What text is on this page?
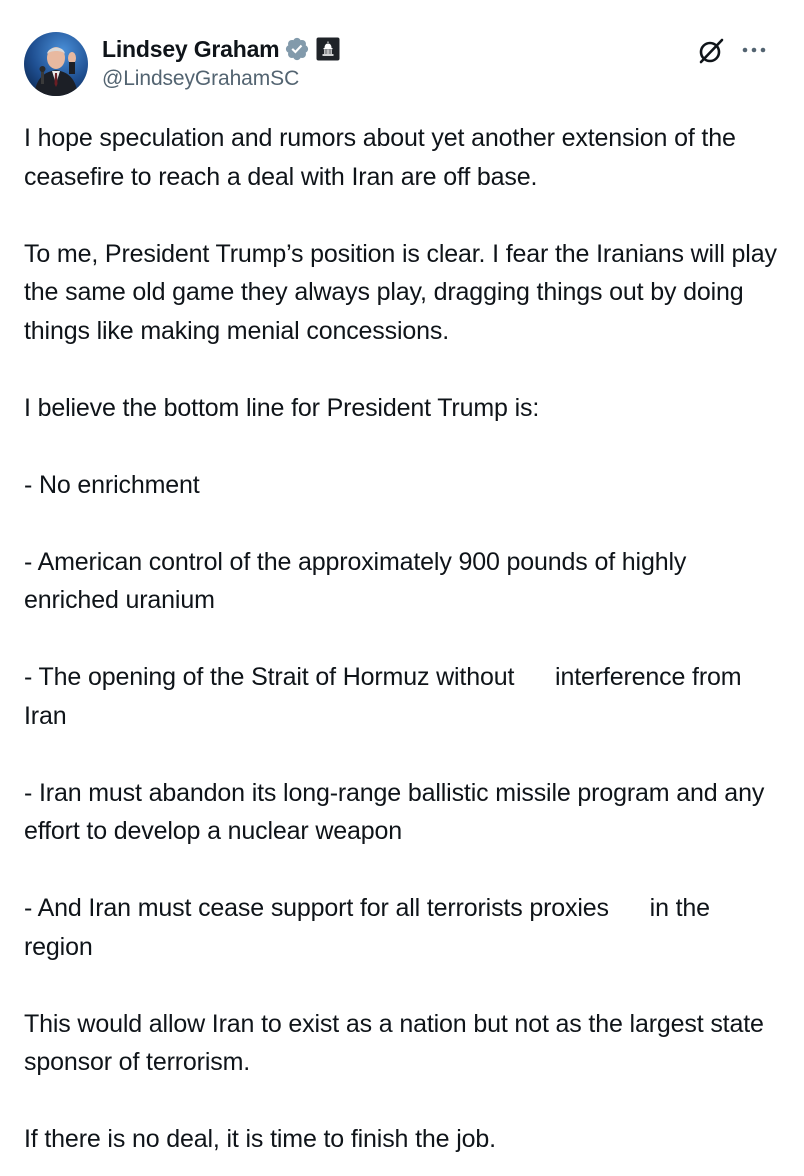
Lindsey Graham
@LindseyGrahamSC

I hope speculation and rumors about yet another extension of the ceasefire to reach a deal with Iran are off base.

To me, President Trump’s position is clear. I fear the Iranians will play the same old game they always play, dragging things out by doing things like making menial concessions.

I believe the bottom line for President Trump is:

- No enrichment

- American control of the approximately 900 pounds of highly enriched uranium

- The opening of the Strait of Hormuz without      interference from Iran

- Iran must abandon its long-range ballistic missile program and any effort to develop a nuclear weapon

- And Iran must cease support for all terrorists proxies      in the region

This would allow Iran to exist as a nation but not as the largest state sponsor of terrorism.

If there is no deal, it is time to finish the job.
